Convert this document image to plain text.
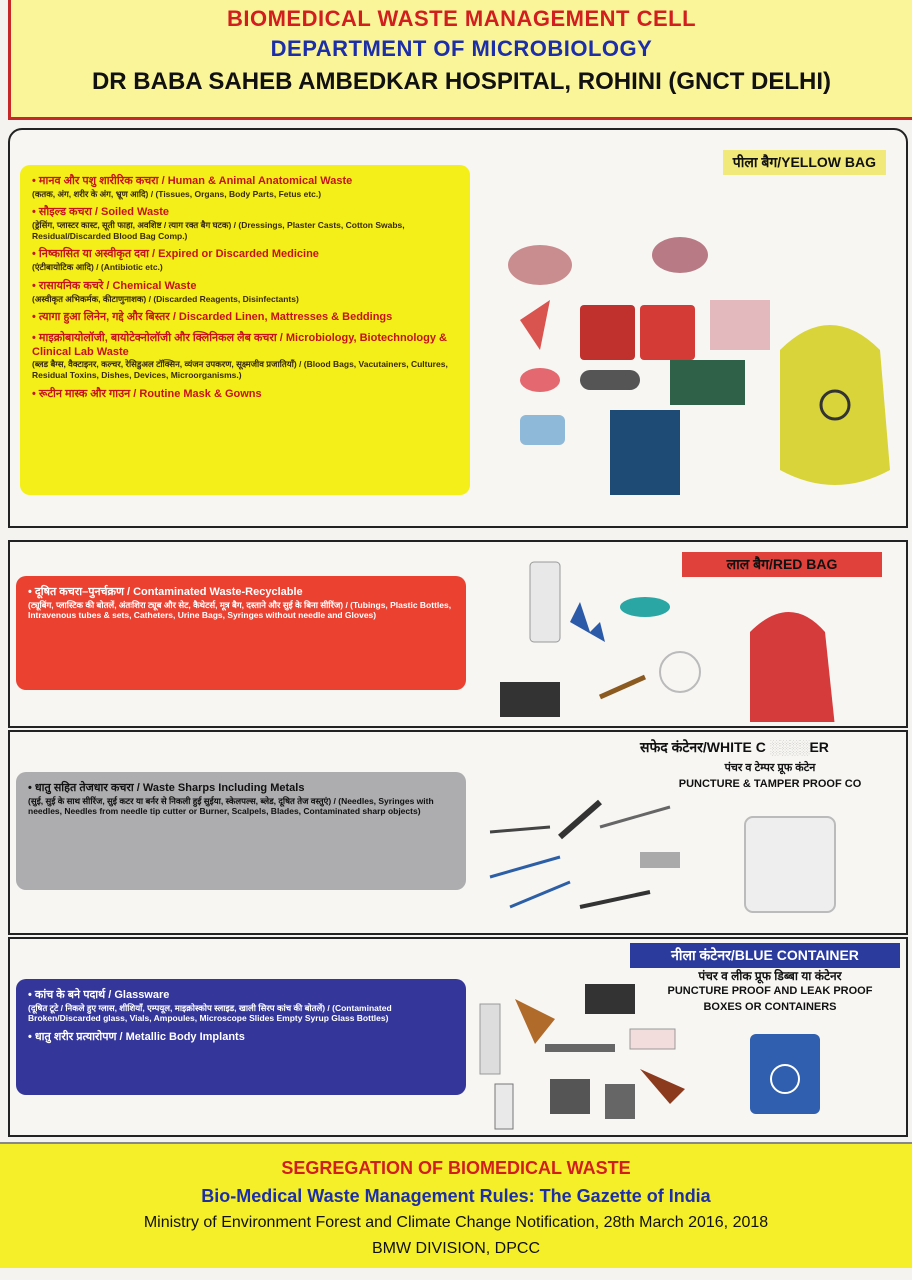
BIOMEDICAL WASTE MANAGEMENT CELL
DEPARTMENT OF MICROBIOLOGY
DR BABA SAHEB AMBEDKAR HOSPITAL, ROHINI (GNCT DELHI)
पीला बैग/YELLOW BAG
• मानव और पशु शारीरिक कचरा / Human & Animal Anatomical Waste
(कतक, अंग, शरीर के अंग, भ्रूण आदि) / (Tissues, Organs, Body Parts, Fetus etc.)
• सौइल्ड कचरा / Soiled Waste
(ड्रेसिंग, प्लास्टर कास्ट, सूती फाहा, अवशिष्ट / त्याग रक्त बैग घटक) / (Dressings, Plaster Casts, Cotton Swabs, Residual/Discarded Blood Bag Comp.)
• निष्कासित या अस्वीकृत दवा / Expired or Discarded Medicine
(एंटीबायोटिक आदि) / (Antibiotic etc.)
• रासायनिक कचरे / Chemical Waste
(अस्वीकृत अभिकर्मक, कीटाणुनाशक) / (Discarded Reagents, Disinfectants)
• त्यागा हुआ लिनेन, गद्दे और बिस्तर / Discarded Linen, Mattresses & Beddings
• माइक्रोबायोलॉजी, बायोटेक्नोलॉजी और क्लिनिकल लैब कचरा / Microbiology, Biotechnology & Clinical Lab Waste
(ब्लड बैग्स, वैक्टाइनर, कल्चर, रेसिडुअल टॉक्सिन, व्यंजन उपकरण, सूक्ष्मजीव प्रजातियाँ) / (Blood Bags, Vacutainers, Cultures, Residual Toxins, Dishes, Devices, Microorganisms.)
• रूटीन मास्क और गाउन / Routine Mask & Gowns
लाल बैग/RED BAG
• दूषित कचरा–पुनर्चक्रण / Contaminated Waste-Recyclable
(ट्यूबिंग, प्लास्टिक की बोतलें, अंतःशिरा ट्यूब और सेट, कैथेटर्स, मूत्र बैग, दस्ताने और सुई के बिना सीरिंज) / (Tubings, Plastic Bottles, Intravenous tubes & sets, Catheters, Urine Bags, Syringes without needle and Gloves)
सफेद कंटेनर/WHITE C ░░░░ER
पंचर व टेम्पर प्रूफ कंटेन
PUNCTURE & TAMPER PROOF CO
• धातु सहित तेजधार कचरा / Waste Sharps Including Metals
(सुई, सुई के साथ सीरिंज, सुई कटर या बर्नर से निकली हुई सुईया, स्केलपल्स, ब्लेड, दूषित तेज वस्तुएं) / (Needles, Syringes with needles, Needles from needle tip cutter or Burner, Scalpels, Blades, Contaminated sharp objects)
नीला कंटेनर/BLUE CONTAINER
पंचर व लीक प्रूफ डिब्बा या कंटेनर
PUNCTURE PROOF AND LEAK PROOF
BOXES OR CONTAINERS
• कांच के बने पदार्थ / Glassware
(दूषित टूटे / निकले हुए ग्लास, शीशियाँ, एम्पयूल, माइक्रोस्कोप स्लाइड, खाली सिरप कांच की बोतलें) / (Contaminated Broken/Discarded glass, Vials, Ampoules, Microscope Slides Empty Syrup Glass Bottles)
• धातु शरीर प्रत्यारोपण / Metallic Body Implants
SEGREGATION OF BIOMEDICAL WASTE
Bio-Medical Waste Management Rules: The Gazette of India
Ministry of Environment Forest and Climate Change Notification, 28th March 2016, 2018
BMW DIVISION, DPCC
